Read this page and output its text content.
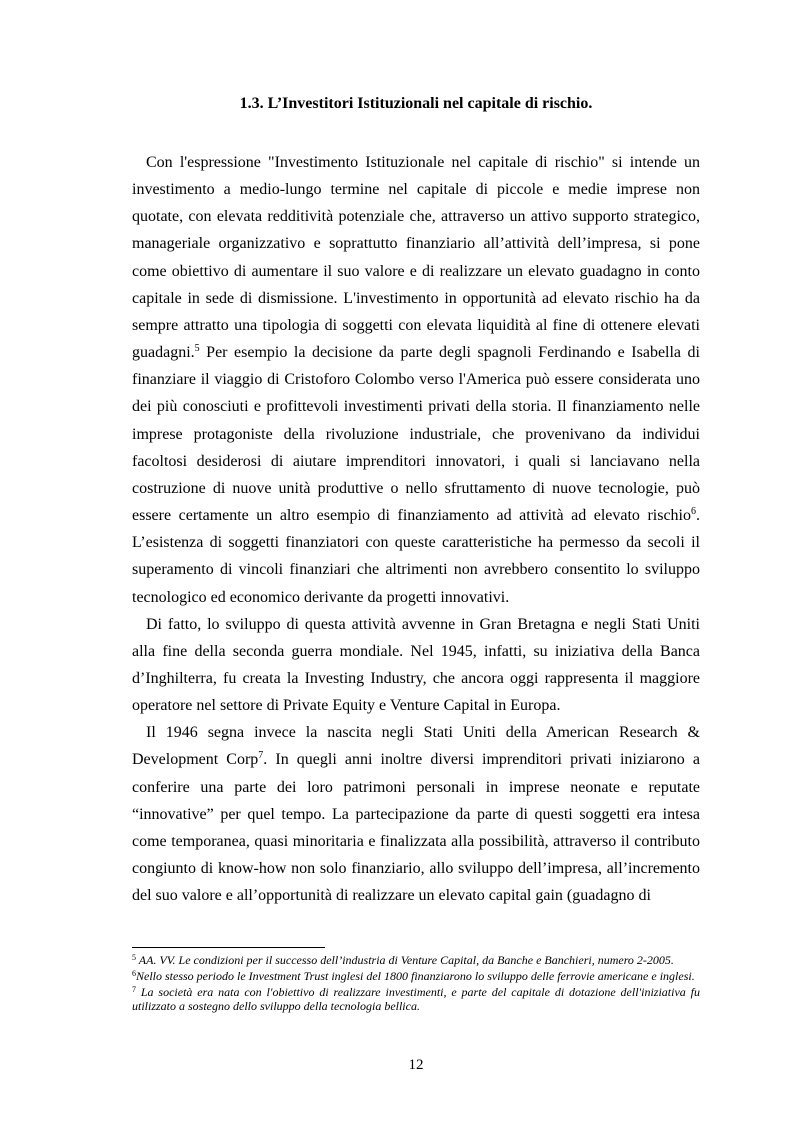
1.3. L’Investitori Istituzionali nel capitale di rischio.

Con l'espressione "Investimento Istituzionale nel capitale di rischio" si intende un investimento a medio-lungo termine nel capitale di piccole e medie imprese non quotate, con elevata redditività potenziale che, attraverso un attivo supporto strategico, manageriale organizzativo e soprattutto finanziario all’attività dell’impresa, si pone come obiettivo di aumentare il suo valore e di realizzare un elevato guadagno in conto capitale in sede di dismissione. L'investimento in opportunità ad elevato rischio ha da sempre attratto una tipologia di soggetti con elevata liquidità al fine di ottenere elevati guadagni.$^5$ Per esempio la decisione da parte degli spagnoli Ferdinando e Isabella di finanziare il viaggio di Cristoforo Colombo verso l'America può essere considerata uno dei più conosciuti e profittevoli investimenti privati della storia. Il finanziamento nelle imprese protagoniste della rivoluzione industriale, che provenivano da individui facoltosi desiderosi di aiutare imprenditori innovatori, i quali si lanciavano nella costruzione di nuove unità produttive o nello sfruttamento di nuove tecnologie, può essere certamente un altro esempio di finanziamento ad attività ad elevato rischio$^6$. L’esistenza di soggetti finanziatori con queste caratteristiche ha permesso da secoli il superamento di vincoli finanziari che altrimenti non avrebbero consentito lo sviluppo tecnologico ed economico derivante da progetti innovativi.

Di fatto, lo sviluppo di questa attività avvenne in Gran Bretagna e negli Stati Uniti alla fine della seconda guerra mondiale. Nel 1945, infatti, su iniziativa della Banca d’Inghilterra, fu creata la Investing Industry, che ancora oggi rappresenta il maggiore operatore nel settore di Private Equity e Venture Capital in Europa.

Il 1946 segna invece la nascita negli Stati Uniti della American Research & Development Corp$^7$. In quegli anni inoltre diversi imprenditori privati iniziarono a conferire una parte dei loro patrimoni personali in imprese neonate e reputate “innovative” per quel tempo. La partecipazione da parte di questi soggetti era intesa come temporanea, quasi minoritaria e finalizzata alla possibilità, attraverso il contributo congiunto di know-how non solo finanziario, allo sviluppo dell’impresa, all’incremento del suo valore e all’opportunità di realizzare un elevato capital gain (guadagno di

$^5$ AA. VV. Le condizioni per il successo dell’industria di Venture Capital, da Banche e Banchieri, numero 2-2005.

$^6$Nello stesso periodo le Investment Trust inglesi del 1800 finanziarono lo sviluppo delle ferrovie americane e inglesi.

$^7$ La società era nata con l'obiettivo di realizzare investimenti, e parte del capitale di dotazione dell'iniziativa fu utilizzato a sostegno dello sviluppo della tecnologia bellica.

12
